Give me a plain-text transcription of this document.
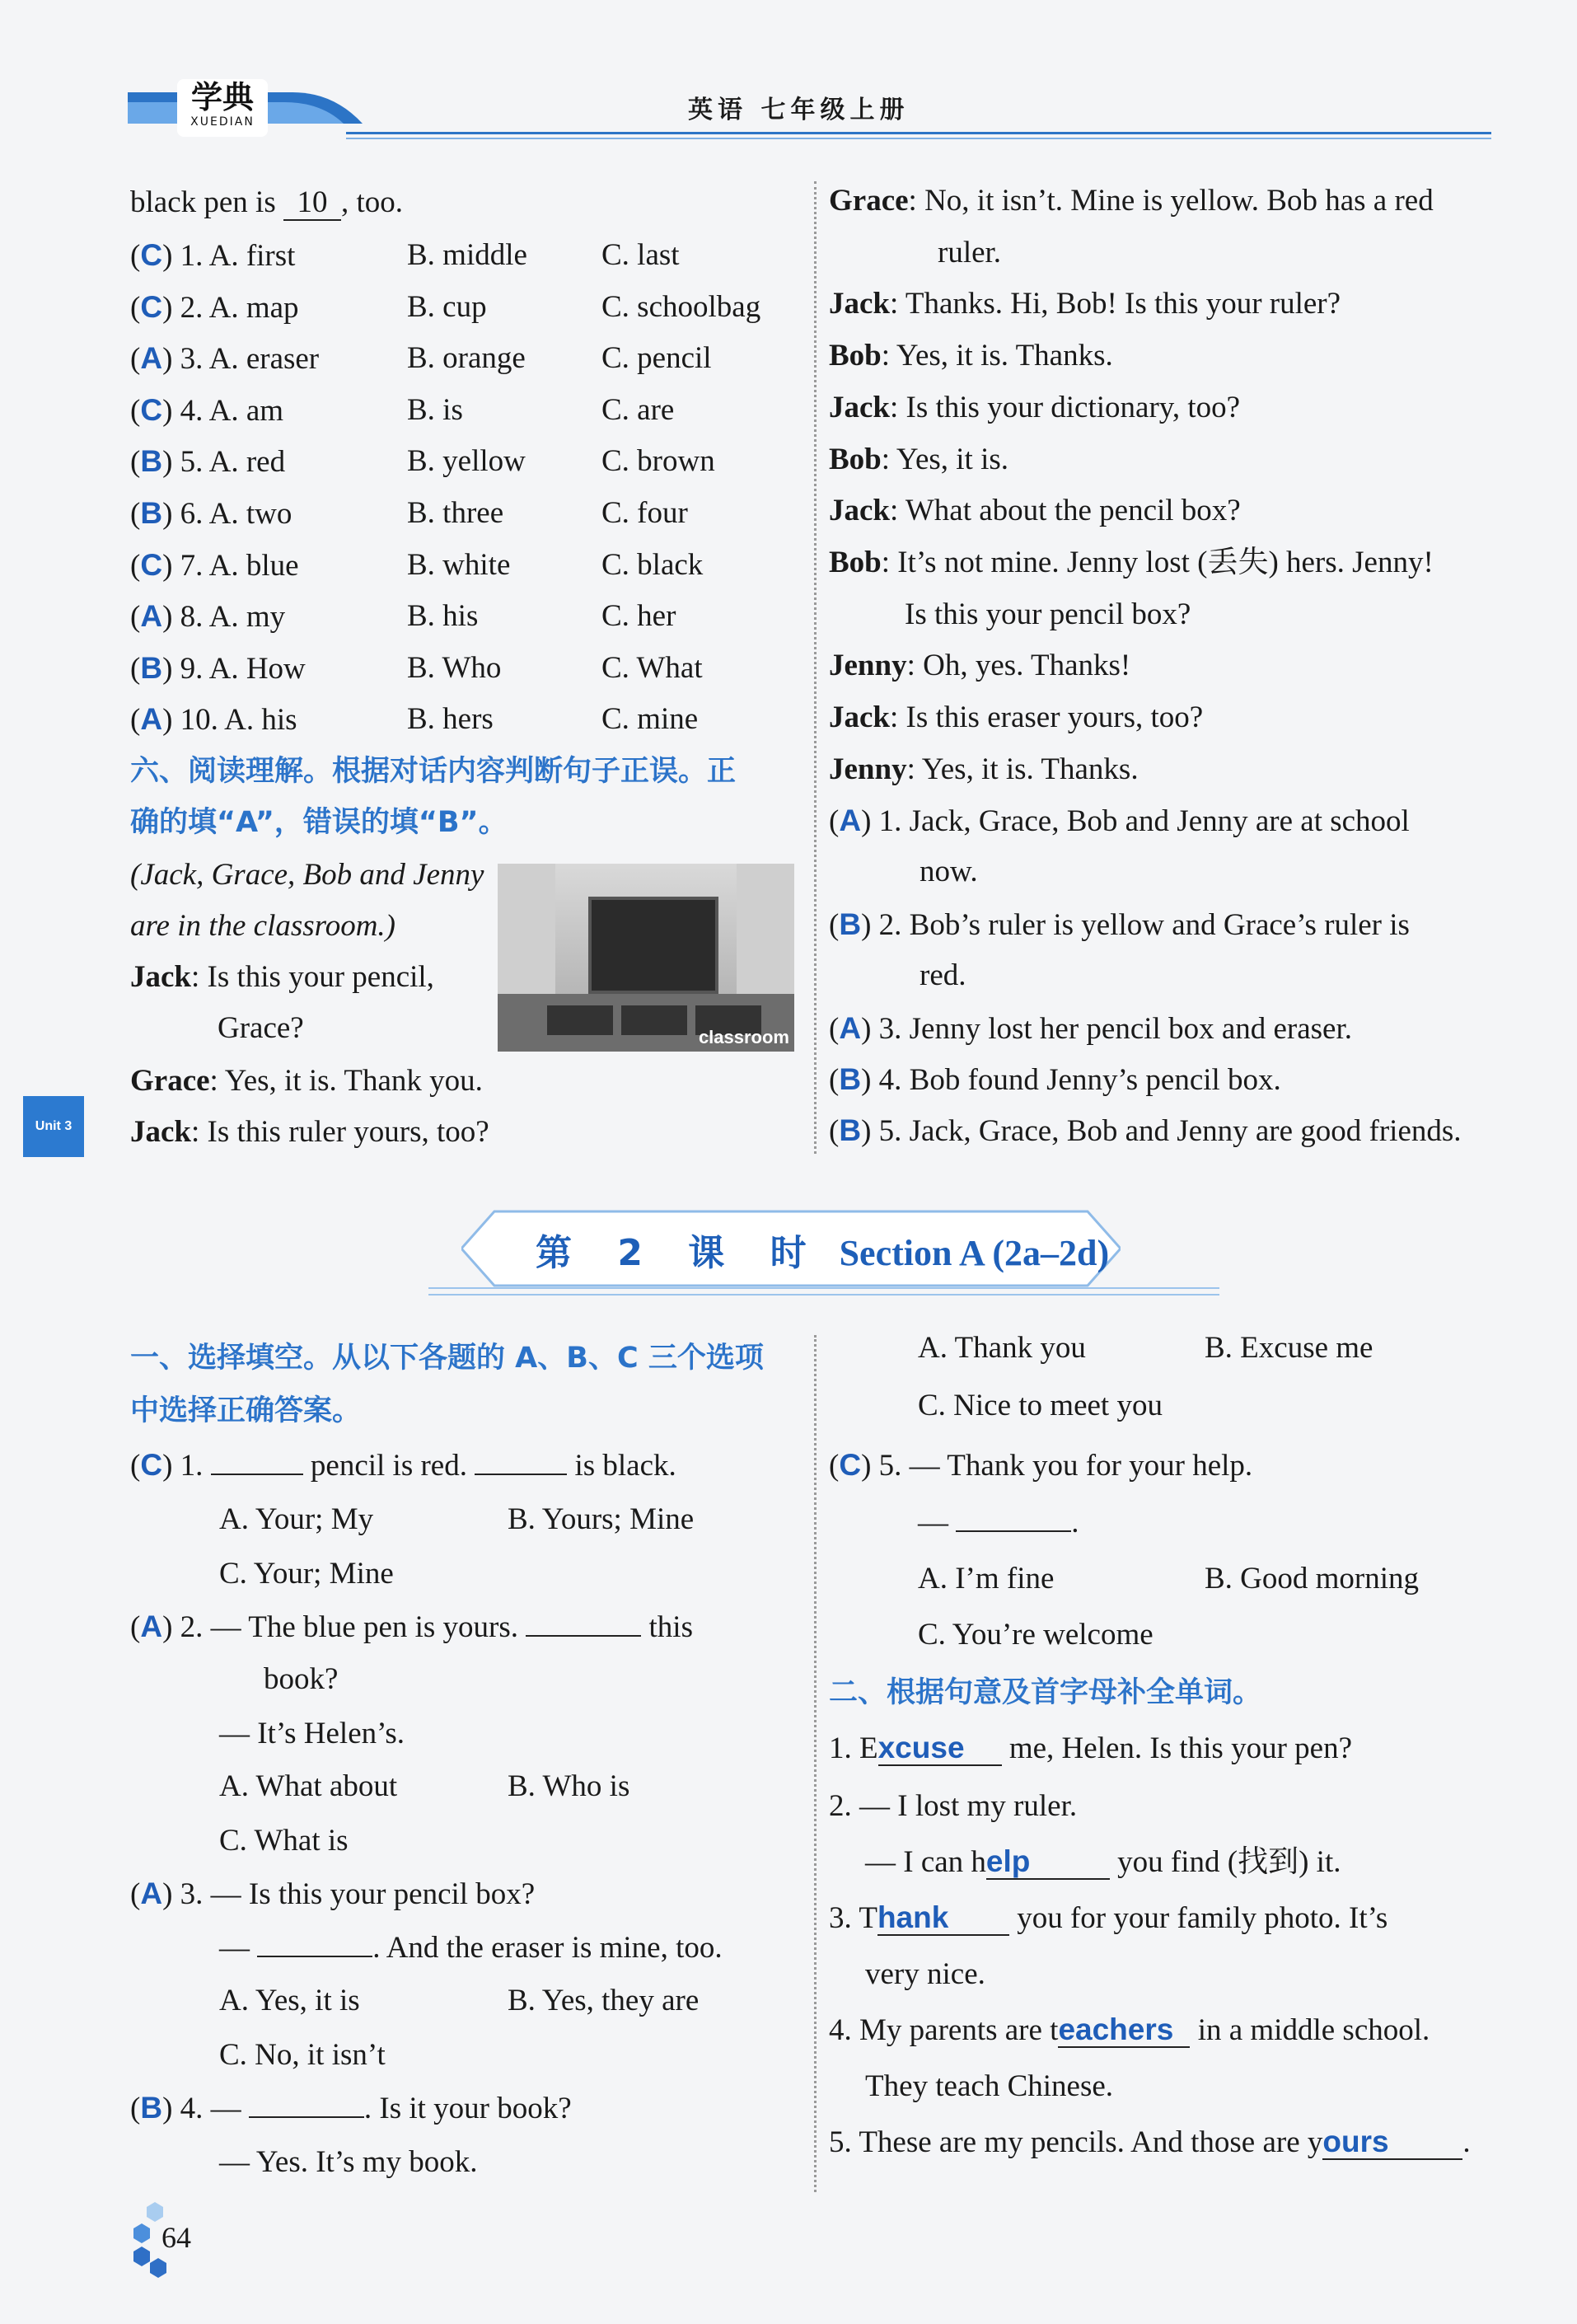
学典
XUEDIAN	英语 七年级上册
Unit 3
black pen is 10 , too.
(C) 1. A. first	B. middle C. last
(C) 2. A. map	B. cup	C. schoolbag
(A) 3. A. eraser	B. orange C. pencil
(C) 4. A. am	B. is	C. are
(B) 5. A. red	B. yellow C. brown
(B) 6. A. two	B. three	C. four
(C) 7. A. blue	B. white	C. black
(A) 8. A. my	B. his	C. her
(B) 9. A. How	B. Who	C. What
(A) 10. A. his	B. hers	C. mine
六、阅读理解。根据对话内容判断句子正误。正
确的填“A”，错误的填“B”。
(Jack, Grace, Bob and Jenny
are in the classroom.)
Jack: Is this your pencil,
Grace?
Grace: Yes, it is. Thank you.
Jack: Is this ruler yours, too?
classroom
Grace: No, it isn’t. Mine is yellow. Bob has a red
ruler.
Jack: Thanks. Hi, Bob! Is this your ruler?
Bob: Yes, it is. Thanks.
Jack: Is this your dictionary, too?
Bob: Yes, it is.
Jack: What about the pencil box?
Bob: It’s not mine. Jenny lost (丢失) hers. Jenny!
Is this your pencil box?
Jenny: Oh, yes. Thanks!
Jack: Is this eraser yours, too?
Jenny: Yes, it is. Thanks.
(A) 1. Jack, Grace, Bob and Jenny are at school
now.
(B) 2. Bob’s ruler is yellow and Grace’s ruler is
red.
(A) 3. Jenny lost her pencil box and eraser.
(B) 4. Bob found Jenny’s pencil box.
(B) 5. Jack, Grace, Bob and Jenny are good friends.
第 2 课 时 Section A (2a–2d)
一、选择填空。从以下各题的 A、B、C 三个选项
中选择正确答案。
(C) 1.	pencil is red.	is black.
A. Your; My	B. Yours; Mine
C. Your; Mine
(A) 2. — The blue pen is yours.	this
book?
— It’s Helen’s.
A. What about	B. Who is
C. What is
(A) 3. — Is this your pencil box?
—	. And the eraser is mine, too.
A. Yes, it is	B. Yes, they are
C. No, it isn’t
(B) 4. —	. Is it your book?
— Yes. It’s my book.
A. Thank you	B. Excuse me
C. Nice to meet you
(C) 5. — Thank you for your help.
—	.
A. I’m fine	B. Good morning
C. You’re welcome
二、根据句意及首字母补全单词。
1. Excuse me, Helen. Is this your pen?
2. — I lost my ruler.
— I can help	you find (找到) it.
3. Thank you for your family photo. It’s
very nice.
4. My parents are teachers in a middle school.
They teach Chinese.
5. These are my pencils. And those are yours .
64
